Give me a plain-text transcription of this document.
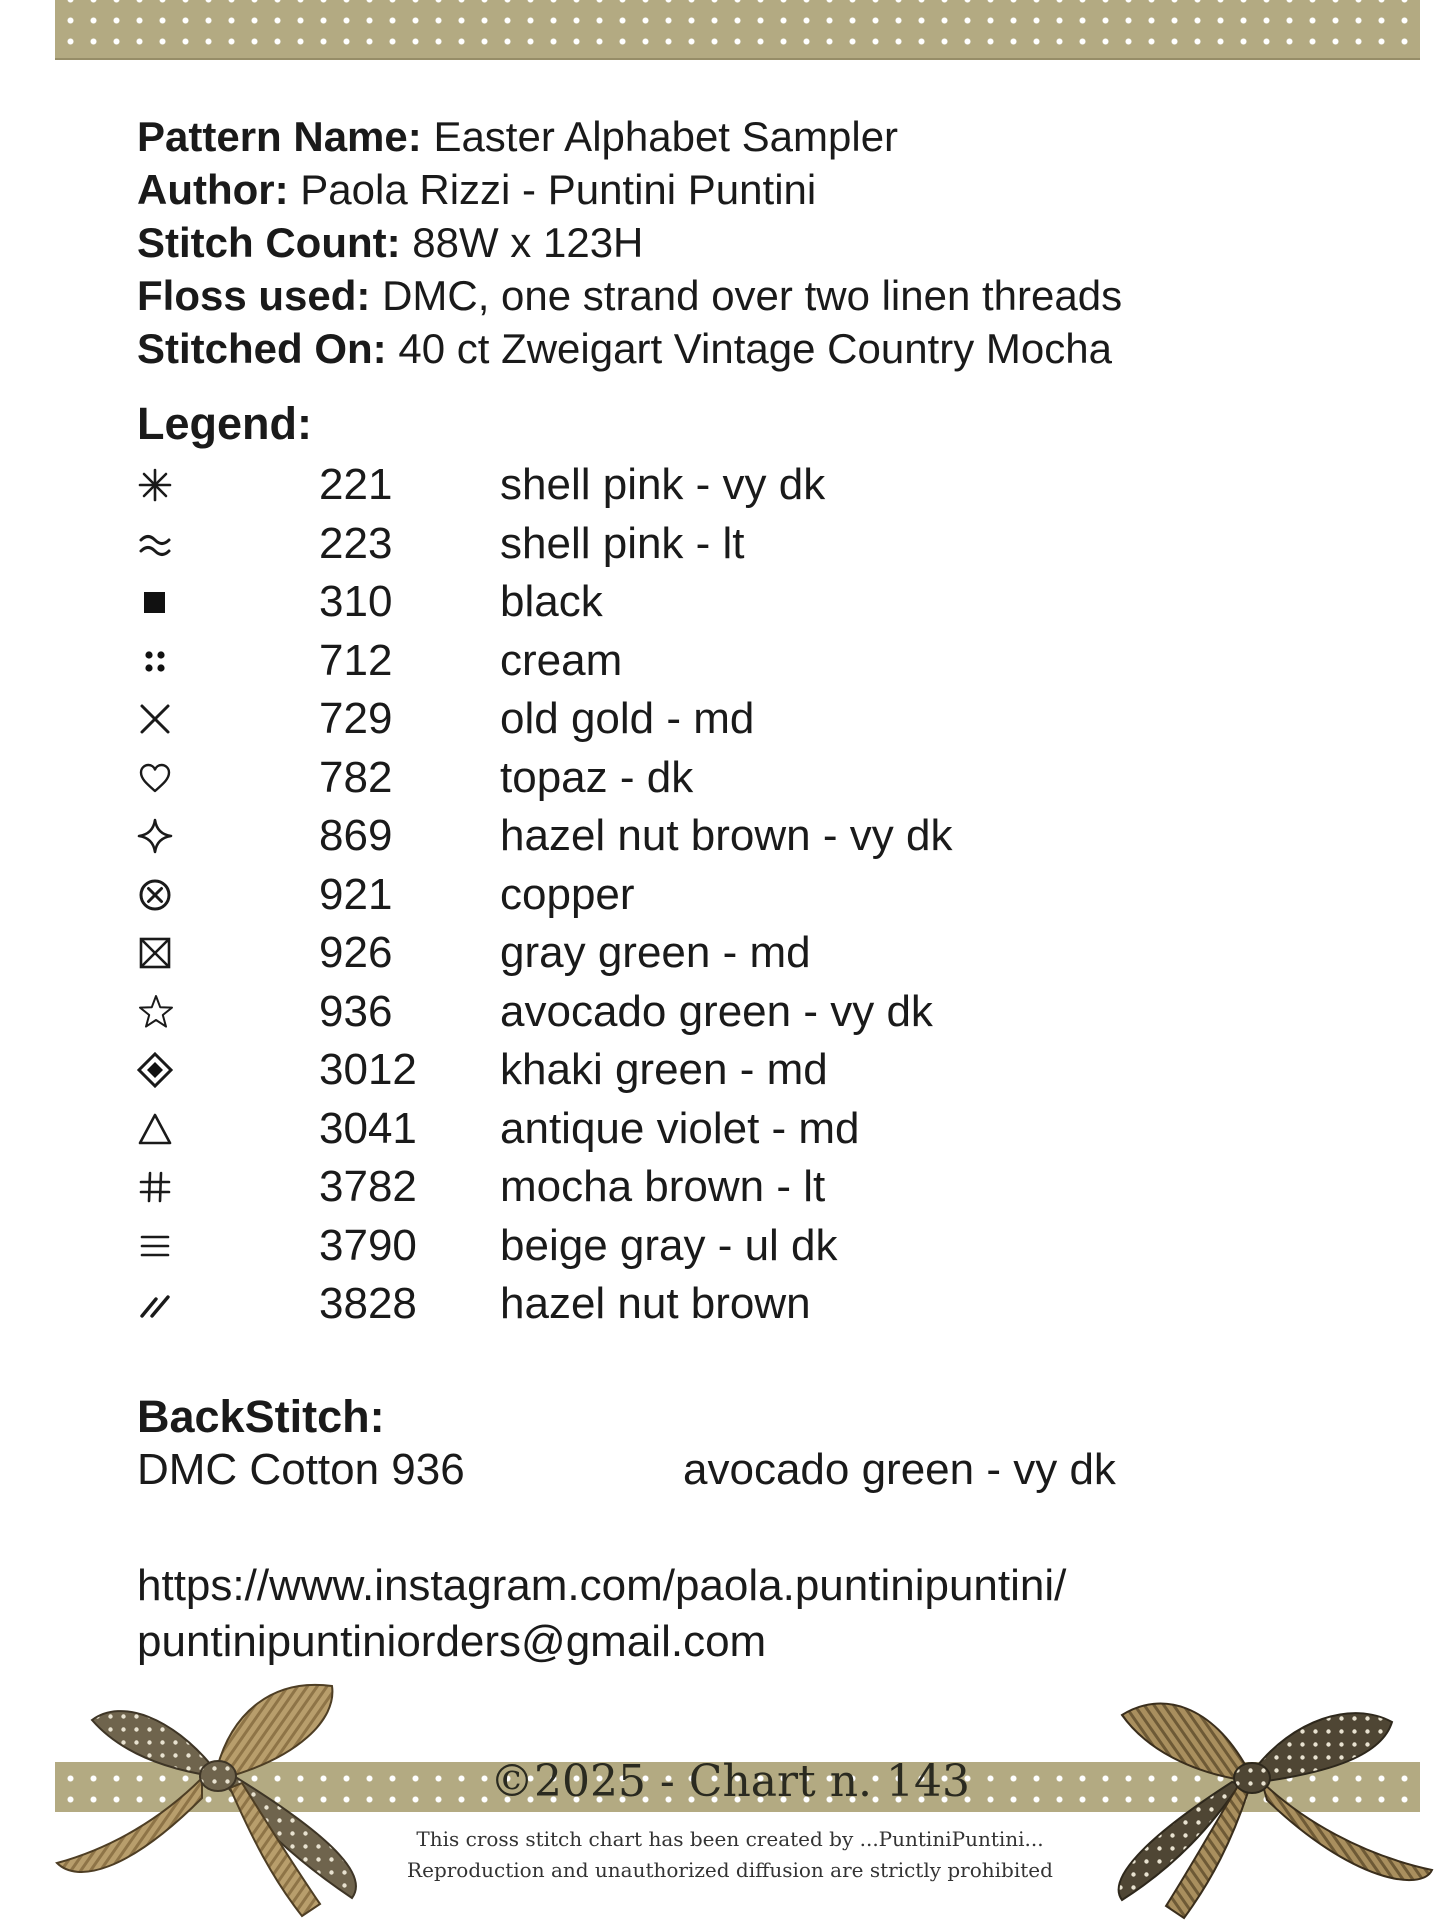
Pattern Name: Easter Alphabet Sampler
Author: Paola Rizzi - Puntini Puntini
Stitch Count: 88W x 123H
Floss used: DMC, one strand over two linen threads
Stitched On: 40 ct Zweigart Vintage Country Mocha
Legend:
221 shell pink - vy dk
223 shell pink - lt
310 black
712 cream
729 old gold - md
782 topaz - dk
869 hazel nut brown - vy dk
921 copper
926 gray green - md
936 avocado green - vy dk
3012 khaki green - md
3041 antique violet - md
3782 mocha brown - lt
3790 beige gray - ul dk
3828 hazel nut brown
BackStitch:
DMC Cotton 936	avocado green - vy dk
https://www.instagram.com/paola.puntinipuntini/
puntinipuntiniorders@gmail.com
©2025 - Chart n. 143
This cross stitch chart has been created by ...PuntiniPuntini...
Reproduction and unauthorized diffusion are strictly prohibited
